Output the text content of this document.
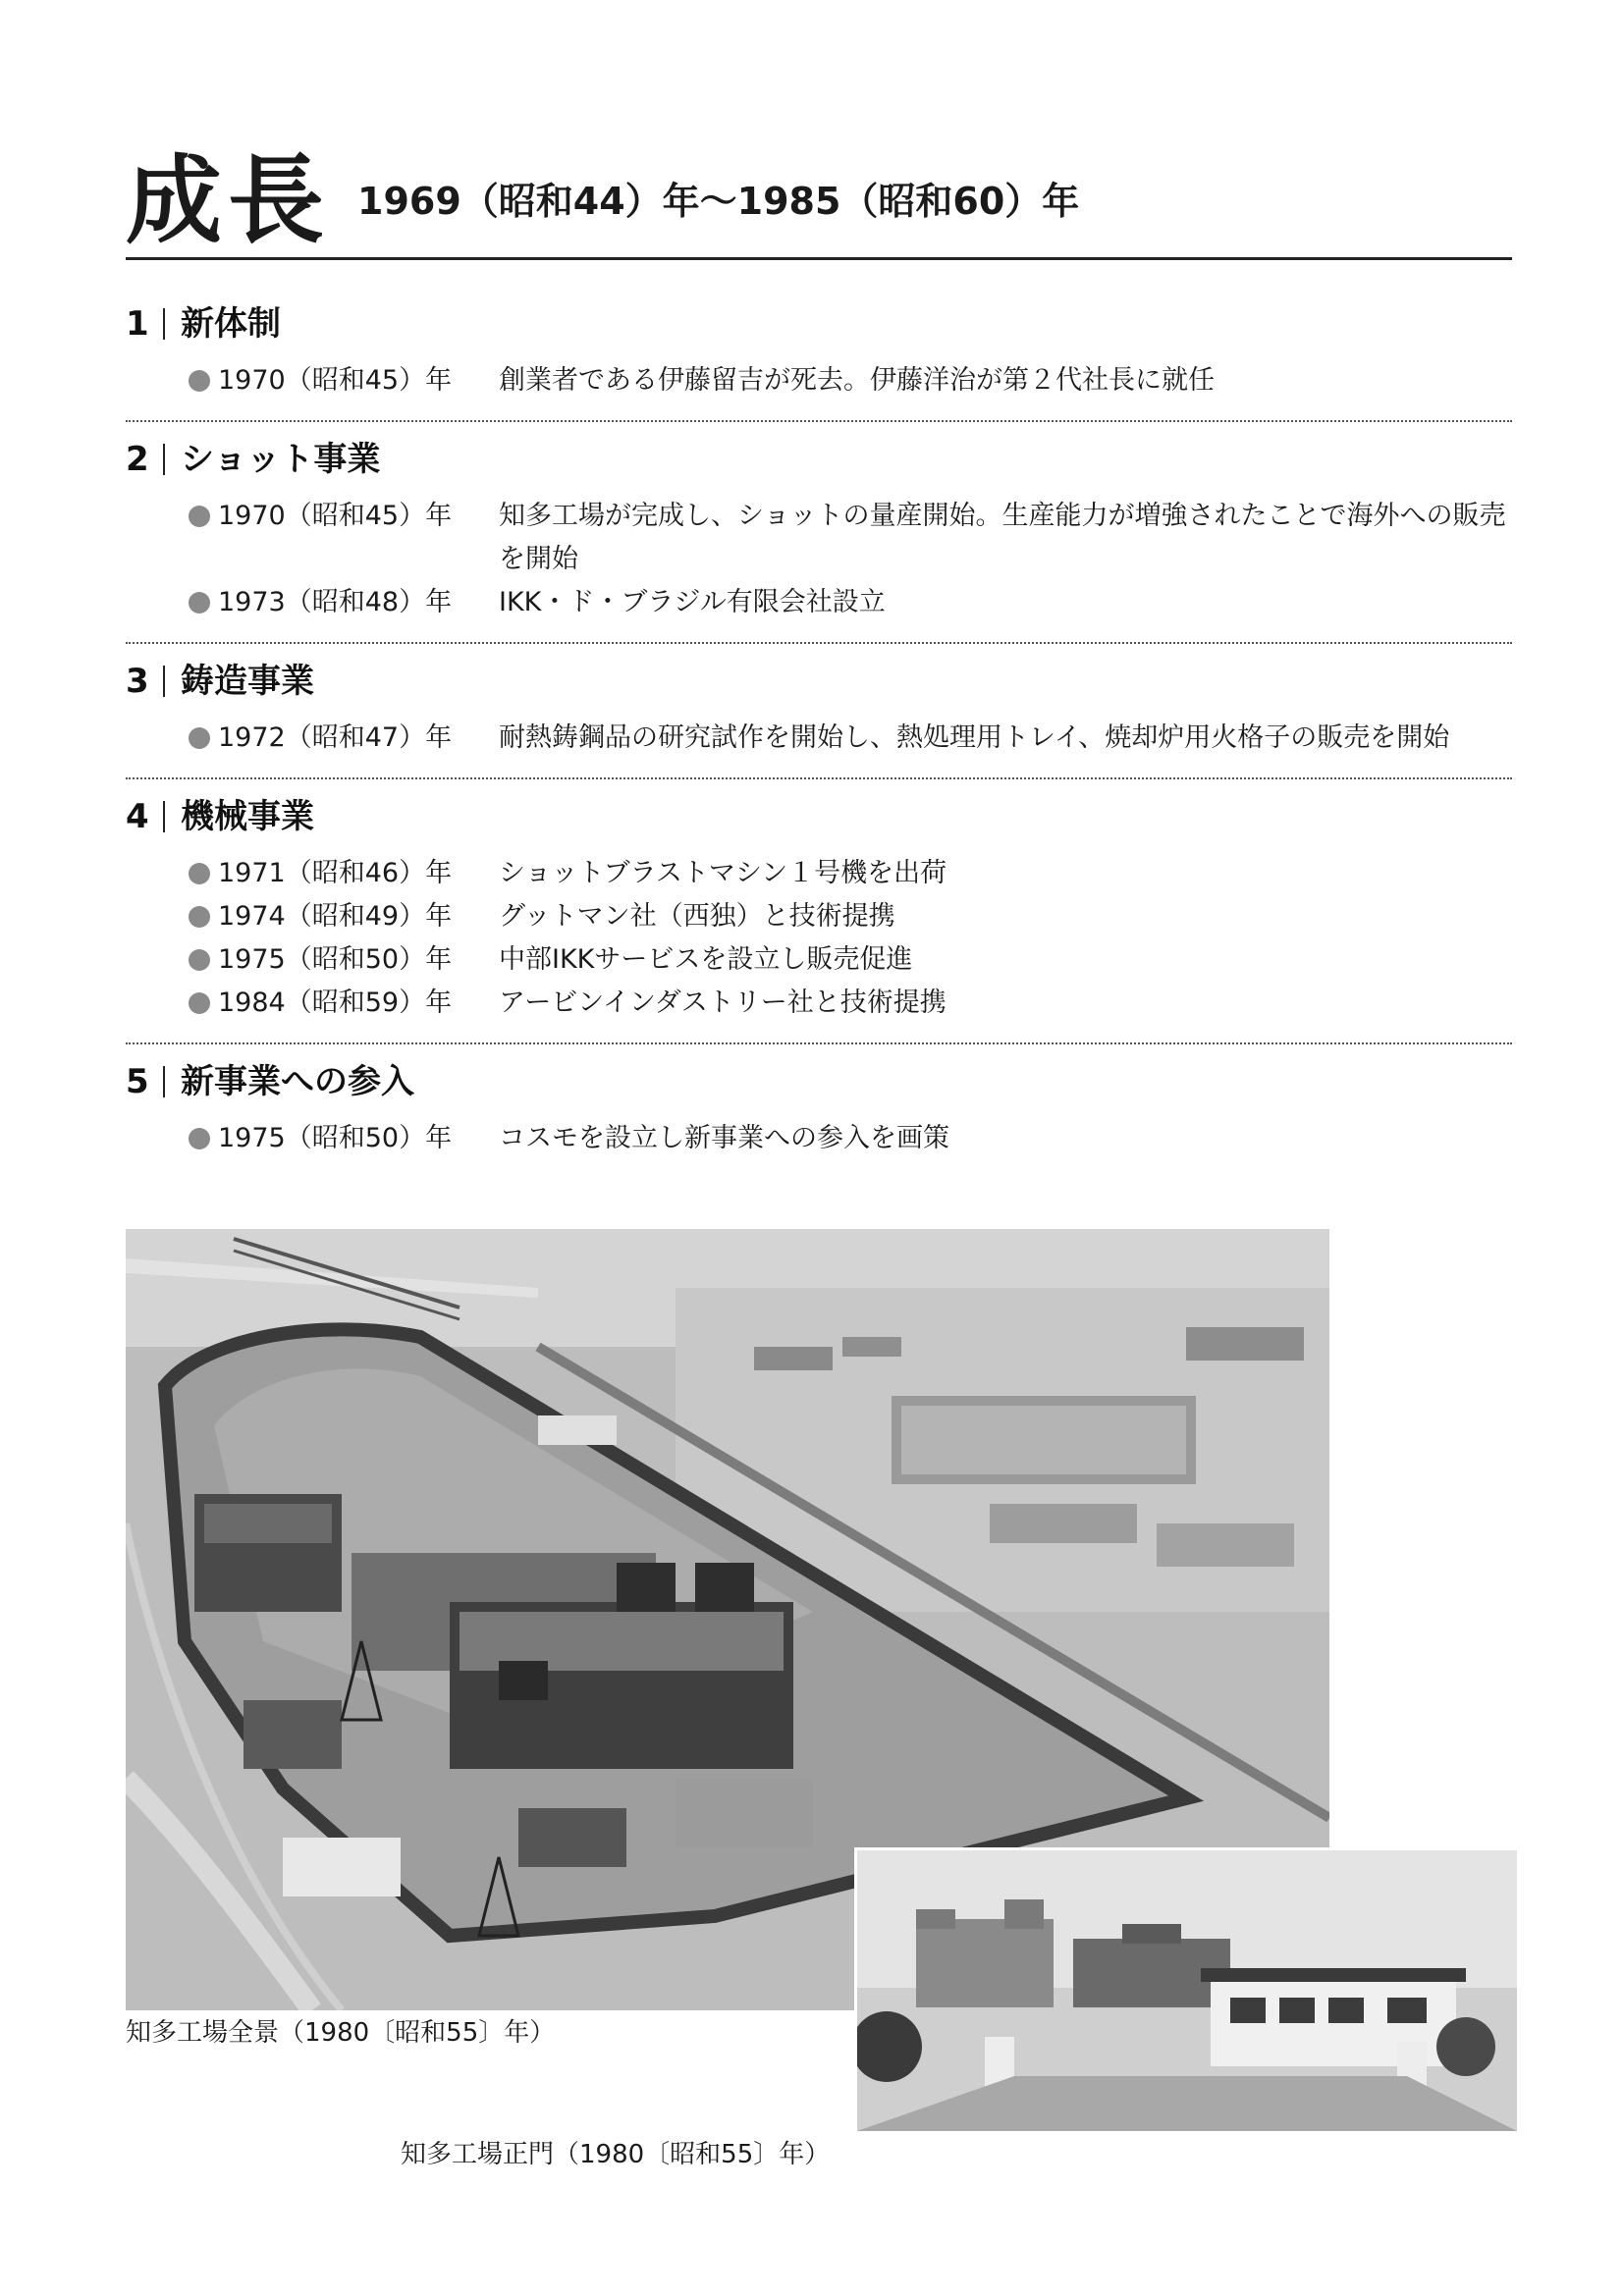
成長 1969（昭和44）年〜1985（昭和60）年
1 新体制
1970（昭和45）年	創業者である伊藤留吉が死去。伊藤洋治が第２代社長に就任
2 ショット事業
1970（昭和45）年	知多工場が完成し、ショットの量産開始。生産能力が増強されたことで海外への販売を開始
1973（昭和48）年	IKK・ド・ブラジル有限会社設立
3 鋳造事業
1972（昭和47）年	耐熱鋳鋼品の研究試作を開始し、熱処理用トレイ、焼却炉用火格子の販売を開始
4 機械事業
1971（昭和46）年	ショットブラストマシン１号機を出荷
1974（昭和49）年	グットマン社（西独）と技術提携
1975（昭和50）年	中部IKKサービスを設立し販売促進
1984（昭和59）年	アービンインダストリー社と技術提携
5 新事業への参入
1975（昭和50）年	コスモを設立し新事業への参入を画策
知多工場全景（1980〔昭和55〕年）
知多工場正門（1980〔昭和55〕年）
